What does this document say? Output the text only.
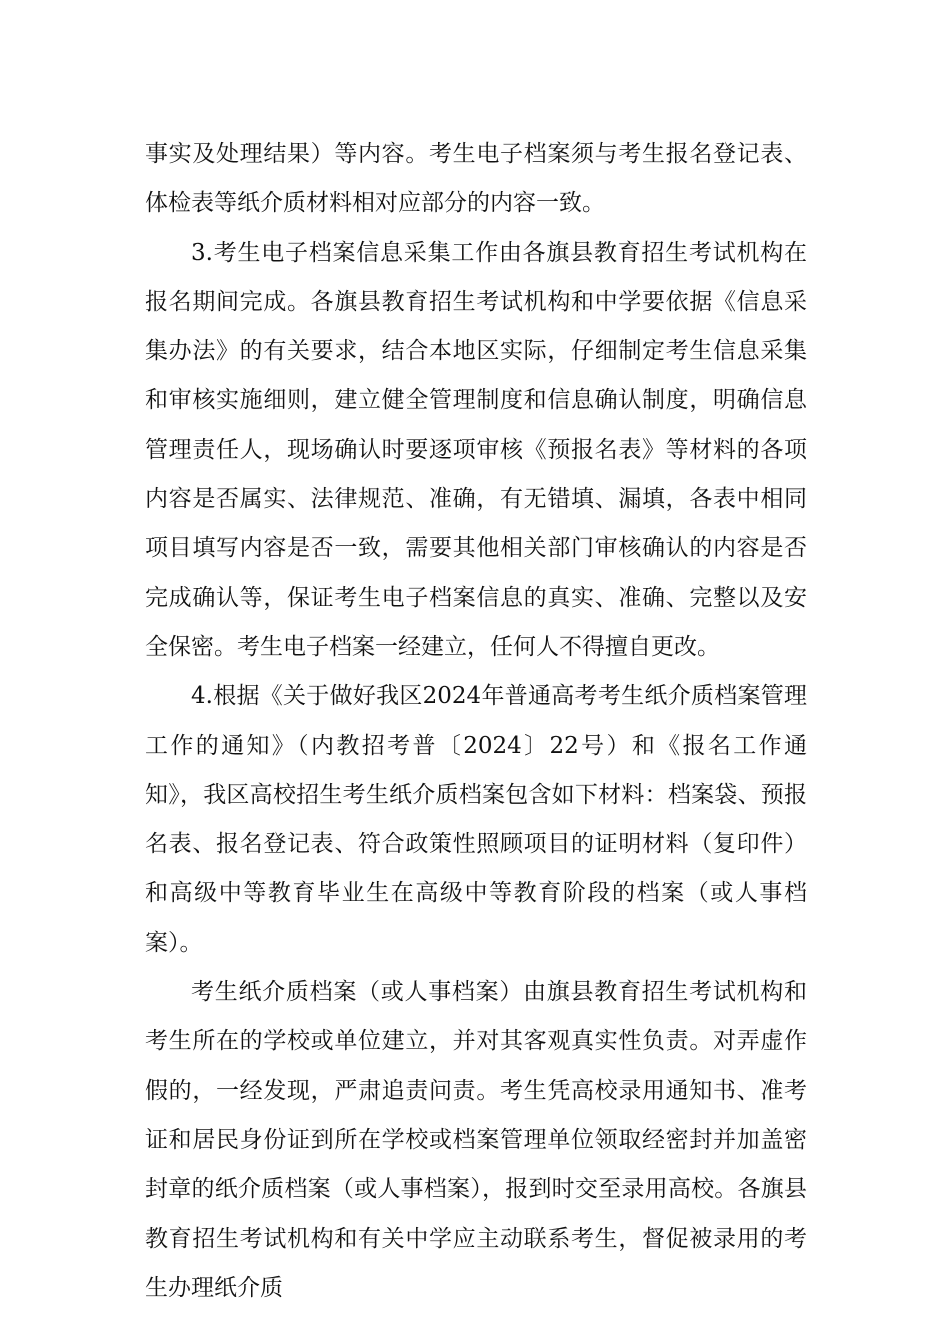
事实及处理结果）等内容。考生电子档案须与考生报名登记表、体检表等纸介质材料相对应部分的内容一致。

3.考生电子档案信息采集工作由各旗县教育招生考试机构在报名期间完成。各旗县教育招生考试机构和中学要依据《信息采集办法》的有关要求，结合本地区实际，仔细制定考生信息采集和审核实施细则，建立健全管理制度和信息确认制度，明确信息管理责任人，现场确认时要逐项审核《预报名表》等材料的各项内容是否属实、法律规范、准确，有无错填、漏填，各表中相同项目填写内容是否一致，需要其他相关部门审核确认的内容是否完成确认等，保证考生电子档案信息的真实、准确、完整以及安全保密。考生电子档案一经建立，任何人不得擅自更改。

4.根据《关于做好我区2024年普通高考考生纸介质档案管理工作的通知》（内教招考普〔2024〕22号）和《报名工作通知》，我区高校招生考生纸介质档案包含如下材料：档案袋、预报名表、报名登记表、符合政策性照顾项目的证明材料（复印件）和高级中等教育毕业生在高级中等教育阶段的档案（或人事档案）。

考生纸介质档案（或人事档案）由旗县教育招生考试机构和考生所在的学校或单位建立，并对其客观真实性负责。对弄虚作假的，一经发现，严肃追责问责。考生凭高校录用通知书、准考证和居民身份证到所在学校或档案管理单位领取经密封并加盖密封章的纸介质档案（或人事档案），报到时交至录用高校。各旗县教育招生考试机构和有关中学应主动联系考生，督促被录用的考生办理纸介质
